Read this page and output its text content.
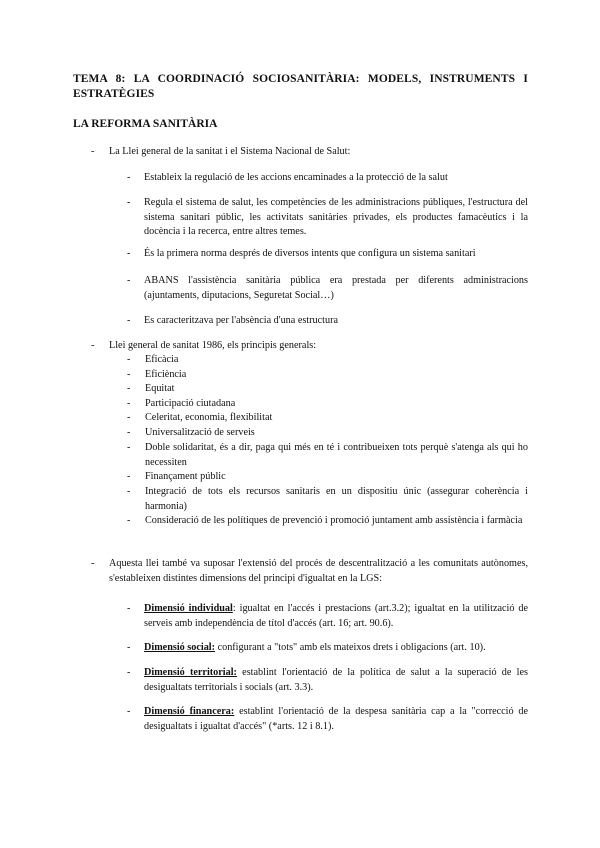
TEMA 8: LA COORDINACIÓ SOCIOSANITÀRIA: MODELS, INSTRUMENTS I ESTRATÈGIES
LA REFORMA SANITÀRIA
- La Llei general de la sanitat i el Sistema Nacional de Salut:
- Estableix la regulació de les accions encaminades a la protecció de la salut
- Regula el sistema de salut, les competències de les administracions públiques, l'estructura del sistema sanitari públic, les activitats sanitàries privades, els productes famacèutics i la docència i la recerca, entre altres temes.
- És la primera norma després de diversos intents que configura un sistema sanitari
- ABANS l'assistència sanitària pública era prestada per diferents administracions (ajuntaments, diputacions, Seguretat Social…)
- Es caracteritzava per l'absència d'una estructura
- Llei general de sanitat 1986, els principis generals:
- Eficàcia
- Eficiència
- Equitat
- Participació ciutadana
- Celeritat, economia, flexibilitat
- Universalització de serveis
- Doble solidaritat, és a dir, paga qui més en té i contribueixen tots perquè s'atenga als qui ho necessiten
- Finançament públic
- Integració de tots els recursos sanitaris en un dispositiu únic (assegurar coherència i harmonia)
- Consideració de les polítiques de prevenció i promoció juntament amb assistència i farmàcia
- Aquesta llei també va suposar l'extensió del procés de descentralització a les comunitats autònomes, s'estableixen distintes dimensions del principi d'igualtat en la LGS:
- Dimensió individual: igualtat en l'accés i prestacions (art.3.2); igualtat en la utilització de serveis amb independència de títol d'accés (art. 16; art. 90.6).
- Dimensió social: configurant a "tots" amb els mateixos drets i obligacions (art. 10).
- Dimensió territorial: establint l'orientació de la política de salut a la superació de les desigualtats territorials i socials (art. 3.3).
- Dimensió financera: establint l'orientació de la despesa sanitària cap a la "correcció de desigualtats i igualtat d'accés" (*arts. 12 i 8.1).
